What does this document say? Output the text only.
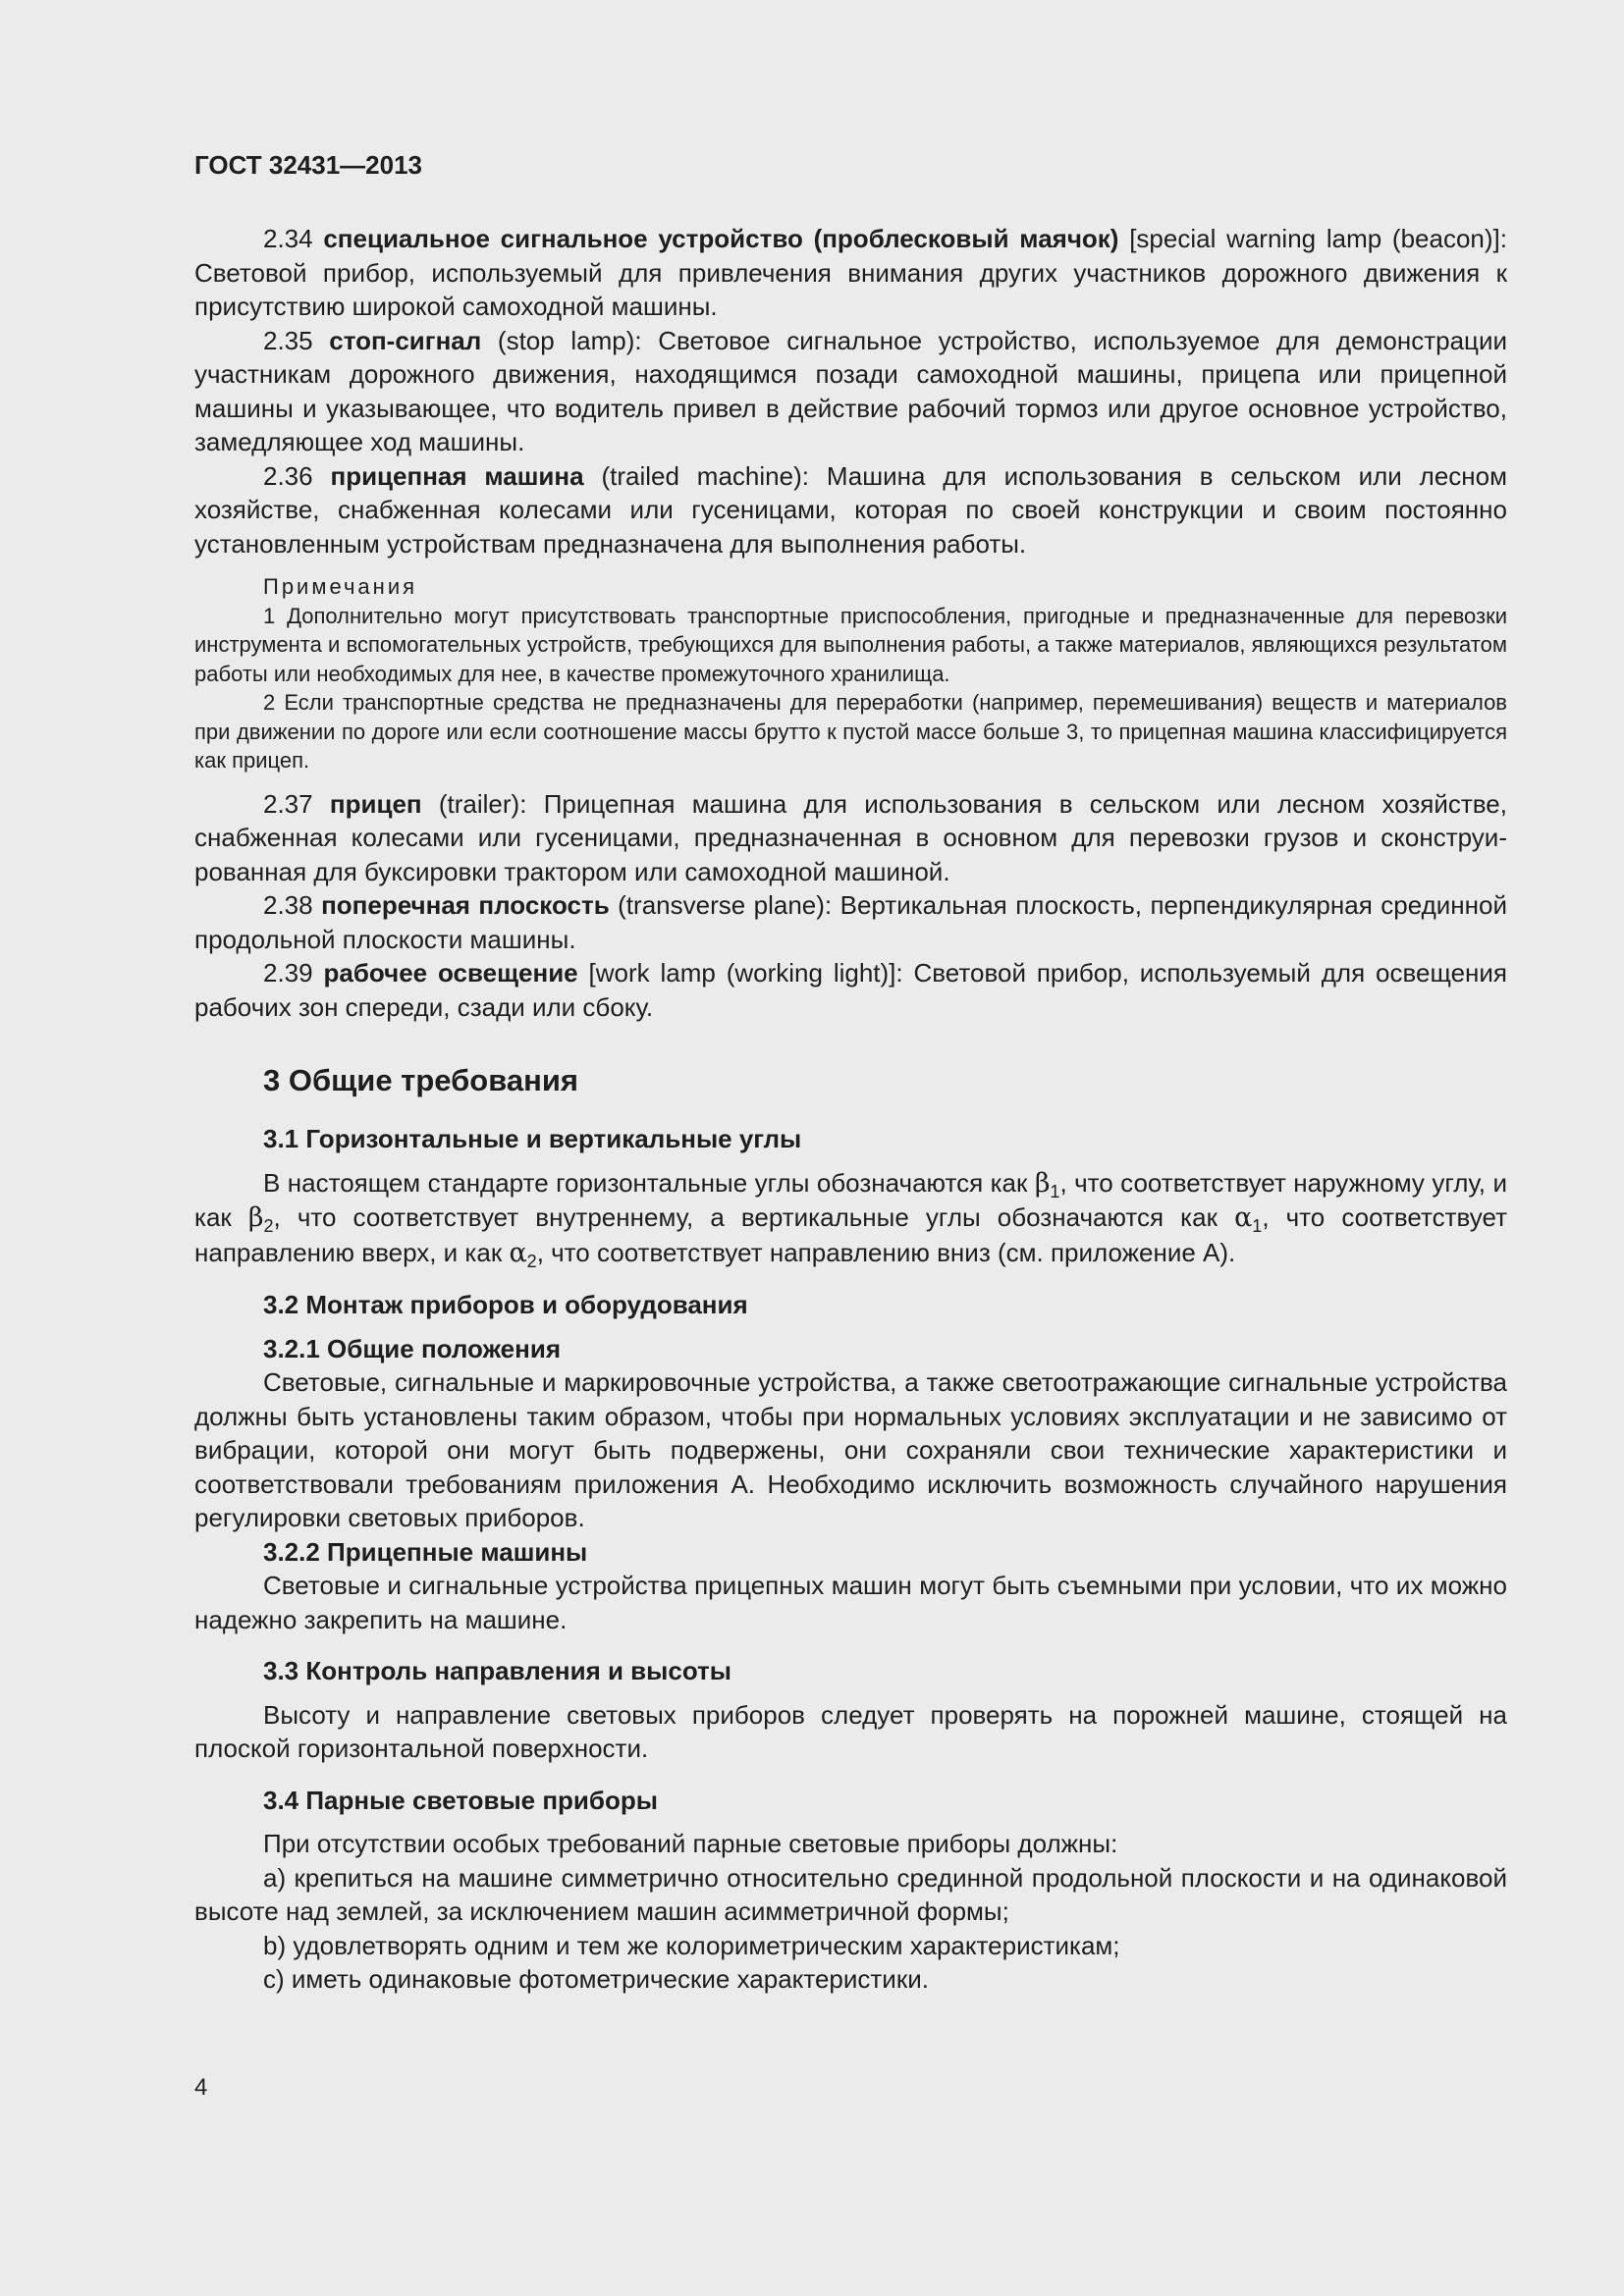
ГОСТ 32431—2013

2.34 специальное сигнальное устройство (проблесковый маячок) [special warning lamp (beacon)]: Световой прибор, используемый для привлечения внимания других участников дорожного движения к присутствию широкой самоходной машины.

2.35 стоп-сигнал (stop lamp): Световое сигнальное устройство, используемое для демонстрации участникам дорожного движения, находящимся позади самоходной машины, прицепа или прицепной машины и указывающее, что водитель привел в действие рабочий тормоз или другое основное устройство, замедляющее ход машины.

2.36 прицепная машина (trailed machine): Машина для использования в сельском или лесном хозяйстве, снабженная колесами или гусеницами, которая по своей конструкции и своим постоянно установленным устройствам предназначена для выполнения работы.

Примечания

1 Дополнительно могут присутствовать транспортные приспособления, пригодные и предназначенные для перевозки инструмента и вспомогательных устройств, требующихся для выполнения работы, а также материалов, являющихся результатом работы или необходимых для нее, в качестве промежуточного хранилища.

2 Если транспортные средства не предназначены для переработки (например, перемешивания) веществ и материалов при движении по дороге или если соотношение массы брутто к пустой массе больше 3, то прицепная машина классифицируется как прицеп.

2.37 прицеп (trailer): Прицепная машина для использования в сельском или лесном хозяйстве, снабженная колесами или гусеницами, предназначенная в основном для перевозки грузов и сконструированная для буксировки трактором или самоходной машиной.

2.38 поперечная плоскость (transverse plane): Вертикальная плоскость, перпендикулярная срединной продольной плоскости машины.

2.39 рабочее освещение [work lamp (working light)]: Световой прибор, используемый для освещения рабочих зон спереди, сзади или сбоку.

3 Общие требования
3.1 Горизонтальные и вертикальные углы

В настоящем стандарте горизонтальные углы обозначаются как $\beta_1$, что соответствует наружному углу, и как $\beta_2$, что соответствует внутреннему, а вертикальные углы обозначаются как $\alpha_1$, что соответствует направлению вверх, и как $\alpha_2$, что соответствует направлению вниз (см. приложение А).

3.2 Монтаж приборов и оборудования
3.2.1 Общие положения

Световые, сигнальные и маркировочные устройства, а также светоотражающие сигнальные устройства должны быть установлены таким образом, чтобы при нормальных условиях эксплуатации и не зависимо от вибрации, которой они могут быть подвержены, они сохраняли свои технические характеристики и соответствовали требованиям приложения А. Необходимо исключить возможность случайного нарушения регулировки световых приборов.

3.2.2 Прицепные машины

Световые и сигнальные устройства прицепных машин могут быть съемными при условии, что их можно надежно закрепить на машине.

3.3 Контроль направления и высоты

Высоту и направление световых приборов следует проверять на порожней машине, стоящей на плоской горизонтальной поверхности.

3.4 Парные световые приборы

При отсутствии особых требований парные световые приборы должны:

а) крепиться на машине симметрично относительно срединной продольной плоскости и на одинаковой высоте над землей, за исключением машин асимметричной формы;

b) удовлетворять одним и тем же колориметрическим характеристикам;

с) иметь одинаковые фотометрические характеристики.

4
